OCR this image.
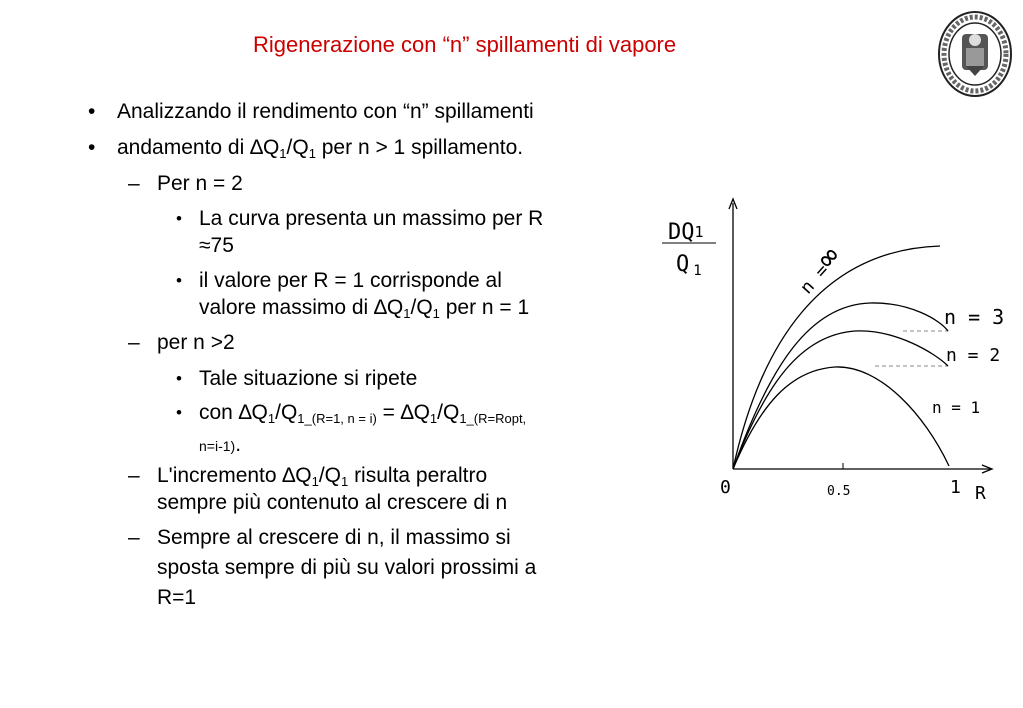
Rigenerazione con “n” spillamenti di vapore
• Analizzando il rendimento con “n” spillamenti
• andamento di $\Delta Q_1/Q_1$ per n > 1 spillamento.
– Per n = 2
• La curva presenta un massimo per R
≈75
• il valore per R = 1 corrisponde al
valore massimo di $\Delta Q_1/Q_1$ per n = 1
– per n >2
• Tale situazione si ripete
• con $\Delta Q_1/Q_{1\_(R=1, n = i)} = \Delta Q_1/Q_{1\_(R=Ropt,}$
n=i-1).
– L'incremento $\Delta Q_1/Q_1$ risulta peraltro
sempre più contenuto al crescere di n
– Sempre al crescere di n, il massimo si
sposta sempre di più su valori prossimi a
R=1
DQ1
Q 1	n =∞
n = 3
n = 2
n = 1
0	0.5	1 R
